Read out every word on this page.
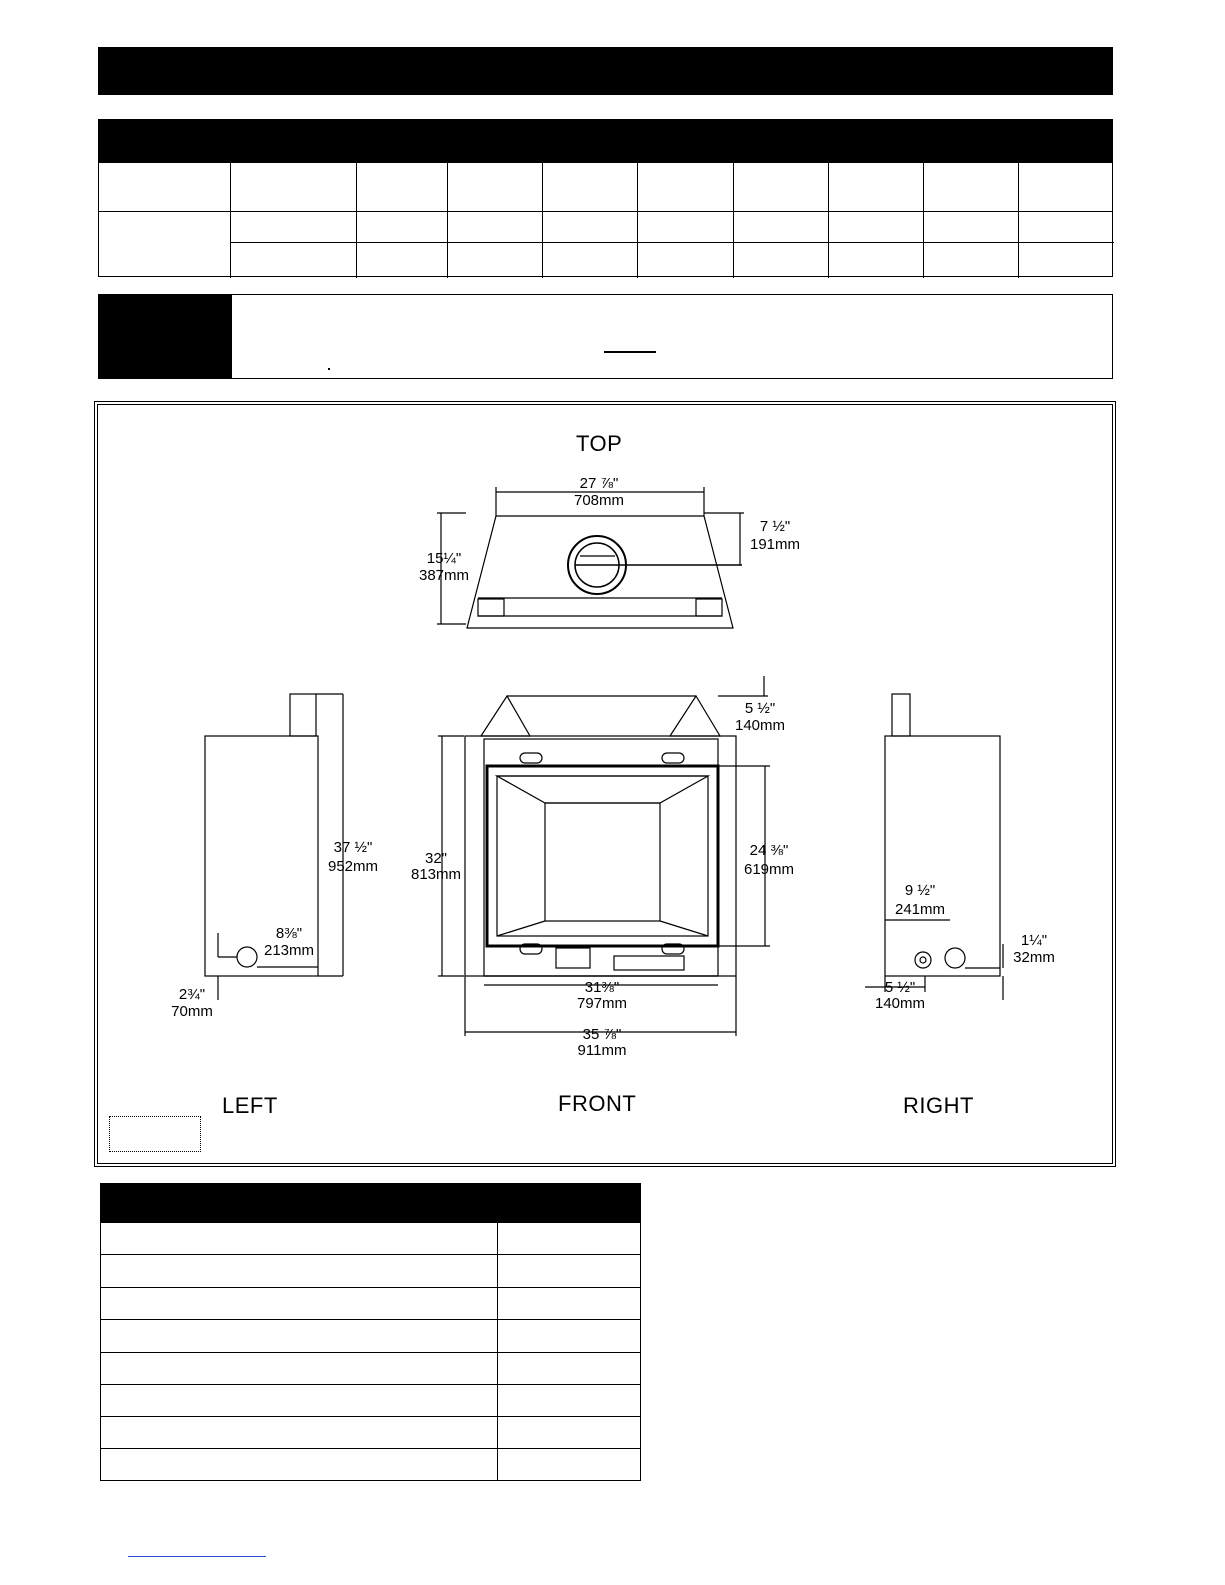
TOP
LEFT	FRONT	RIGHT
27 ⅞"
708mm
15¼"
387mm
7 ½"
191mm
37 ½"
952mm
8⅜"
213mm
2¾"
70mm
5 ½"
140mm
32"
813mm
24 ⅜"
619mm
31⅜"
797mm
35 ⅞"
911mm
9 ½"
241mm
1¼"
32mm
5 ½"
140mm
